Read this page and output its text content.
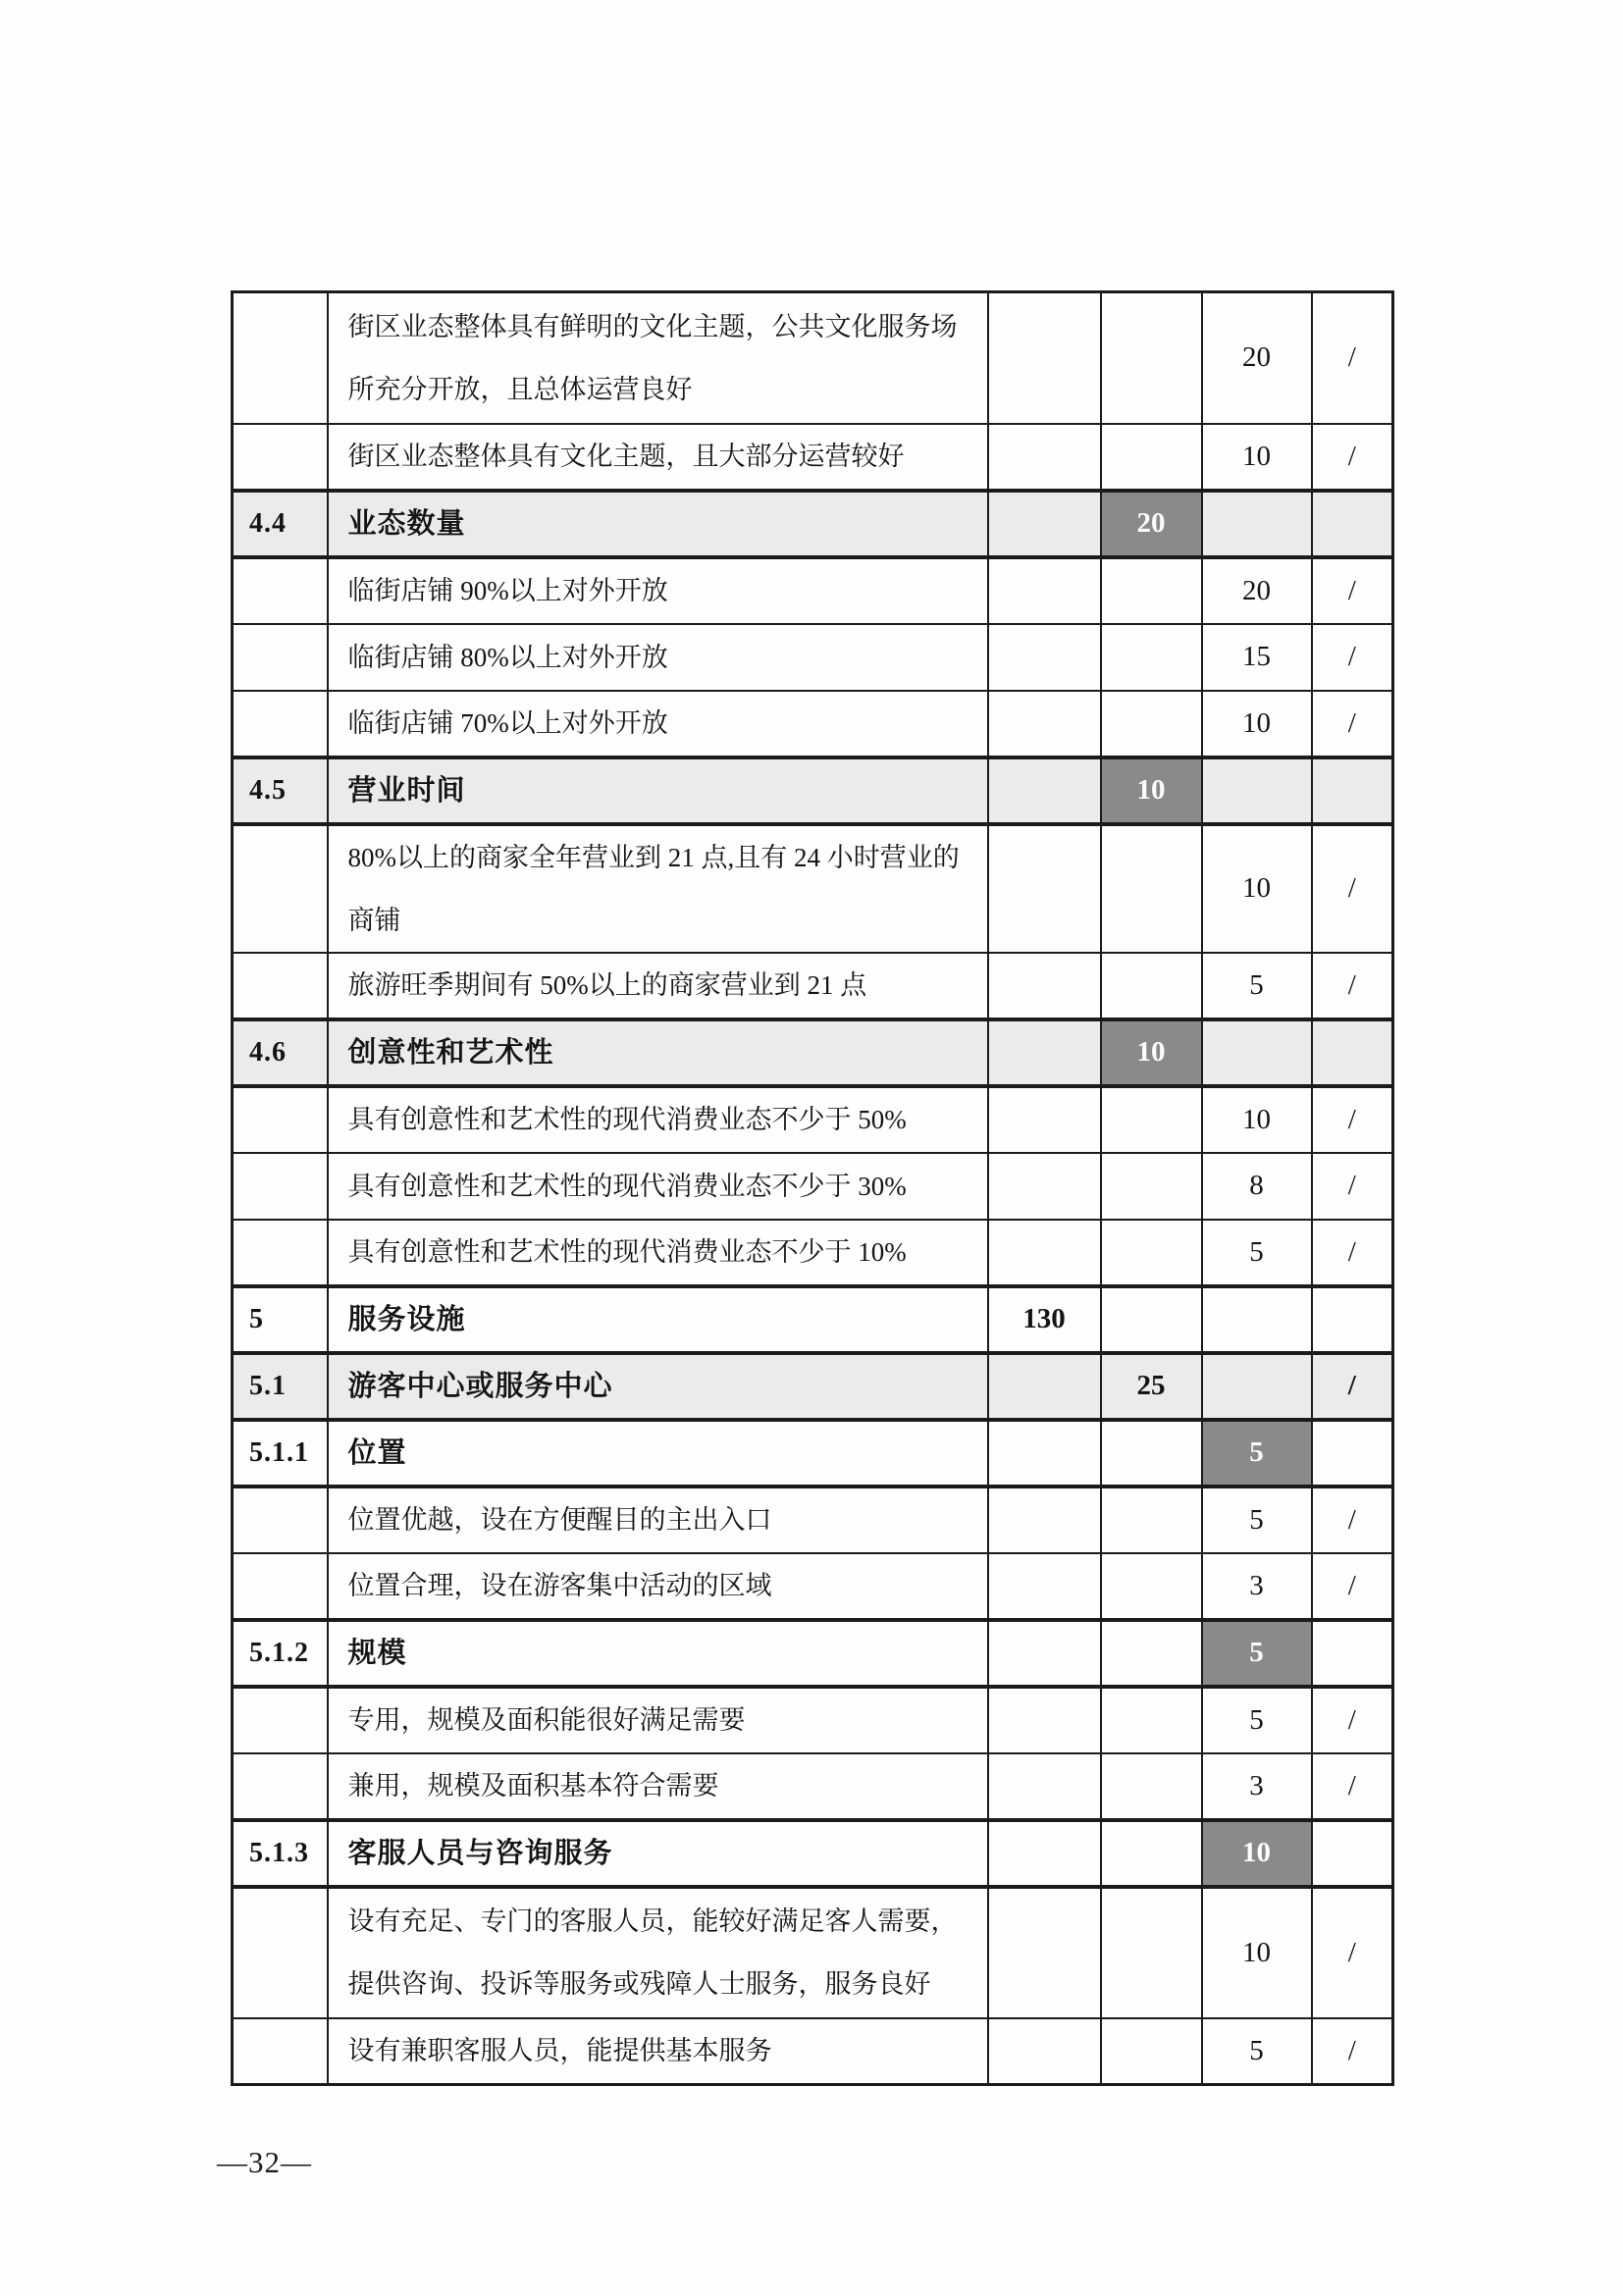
	街区业态整体具有鲜明的文化主题，公共文化服务场所充分开放，且总体运营良好			20	/
	街区业态整体具有文化主题，且大部分运营较好			10	/
4.4	业态数量		20		
	临街店铺 90%以上对外开放			20	/
	临街店铺 80%以上对外开放			15	/
	临街店铺 70%以上对外开放			10	/
4.5	营业时间		10		
	80%以上的商家全年营业到 21 点,且有 24 小时营业的商铺			10	/
	旅游旺季期间有 50%以上的商家营业到 21 点			5	/
4.6	创意性和艺术性		10		
	具有创意性和艺术性的现代消费业态不少于 50%			10	/
	具有创意性和艺术性的现代消费业态不少于 30%			8	/
	具有创意性和艺术性的现代消费业态不少于 10%			5	/
5	服务设施	130			
5.1	游客中心或服务中心		25		/
5.1.1	位置			5	
	位置优越，设在方便醒目的主出入口			5	/
	位置合理，设在游客集中活动的区域			3	/
5.1.2	规模			5	
	专用，规模及面积能很好满足需要			5	/
	兼用，规模及面积基本符合需要			3	/
5.1.3	客服人员与咨询服务			10	
	设有充足、专门的客服人员，能较好满足客人需要，提供咨询、投诉等服务或残障人士服务，服务良好			10	/
	设有兼职客服人员，能提供基本服务			5	/
—32—
